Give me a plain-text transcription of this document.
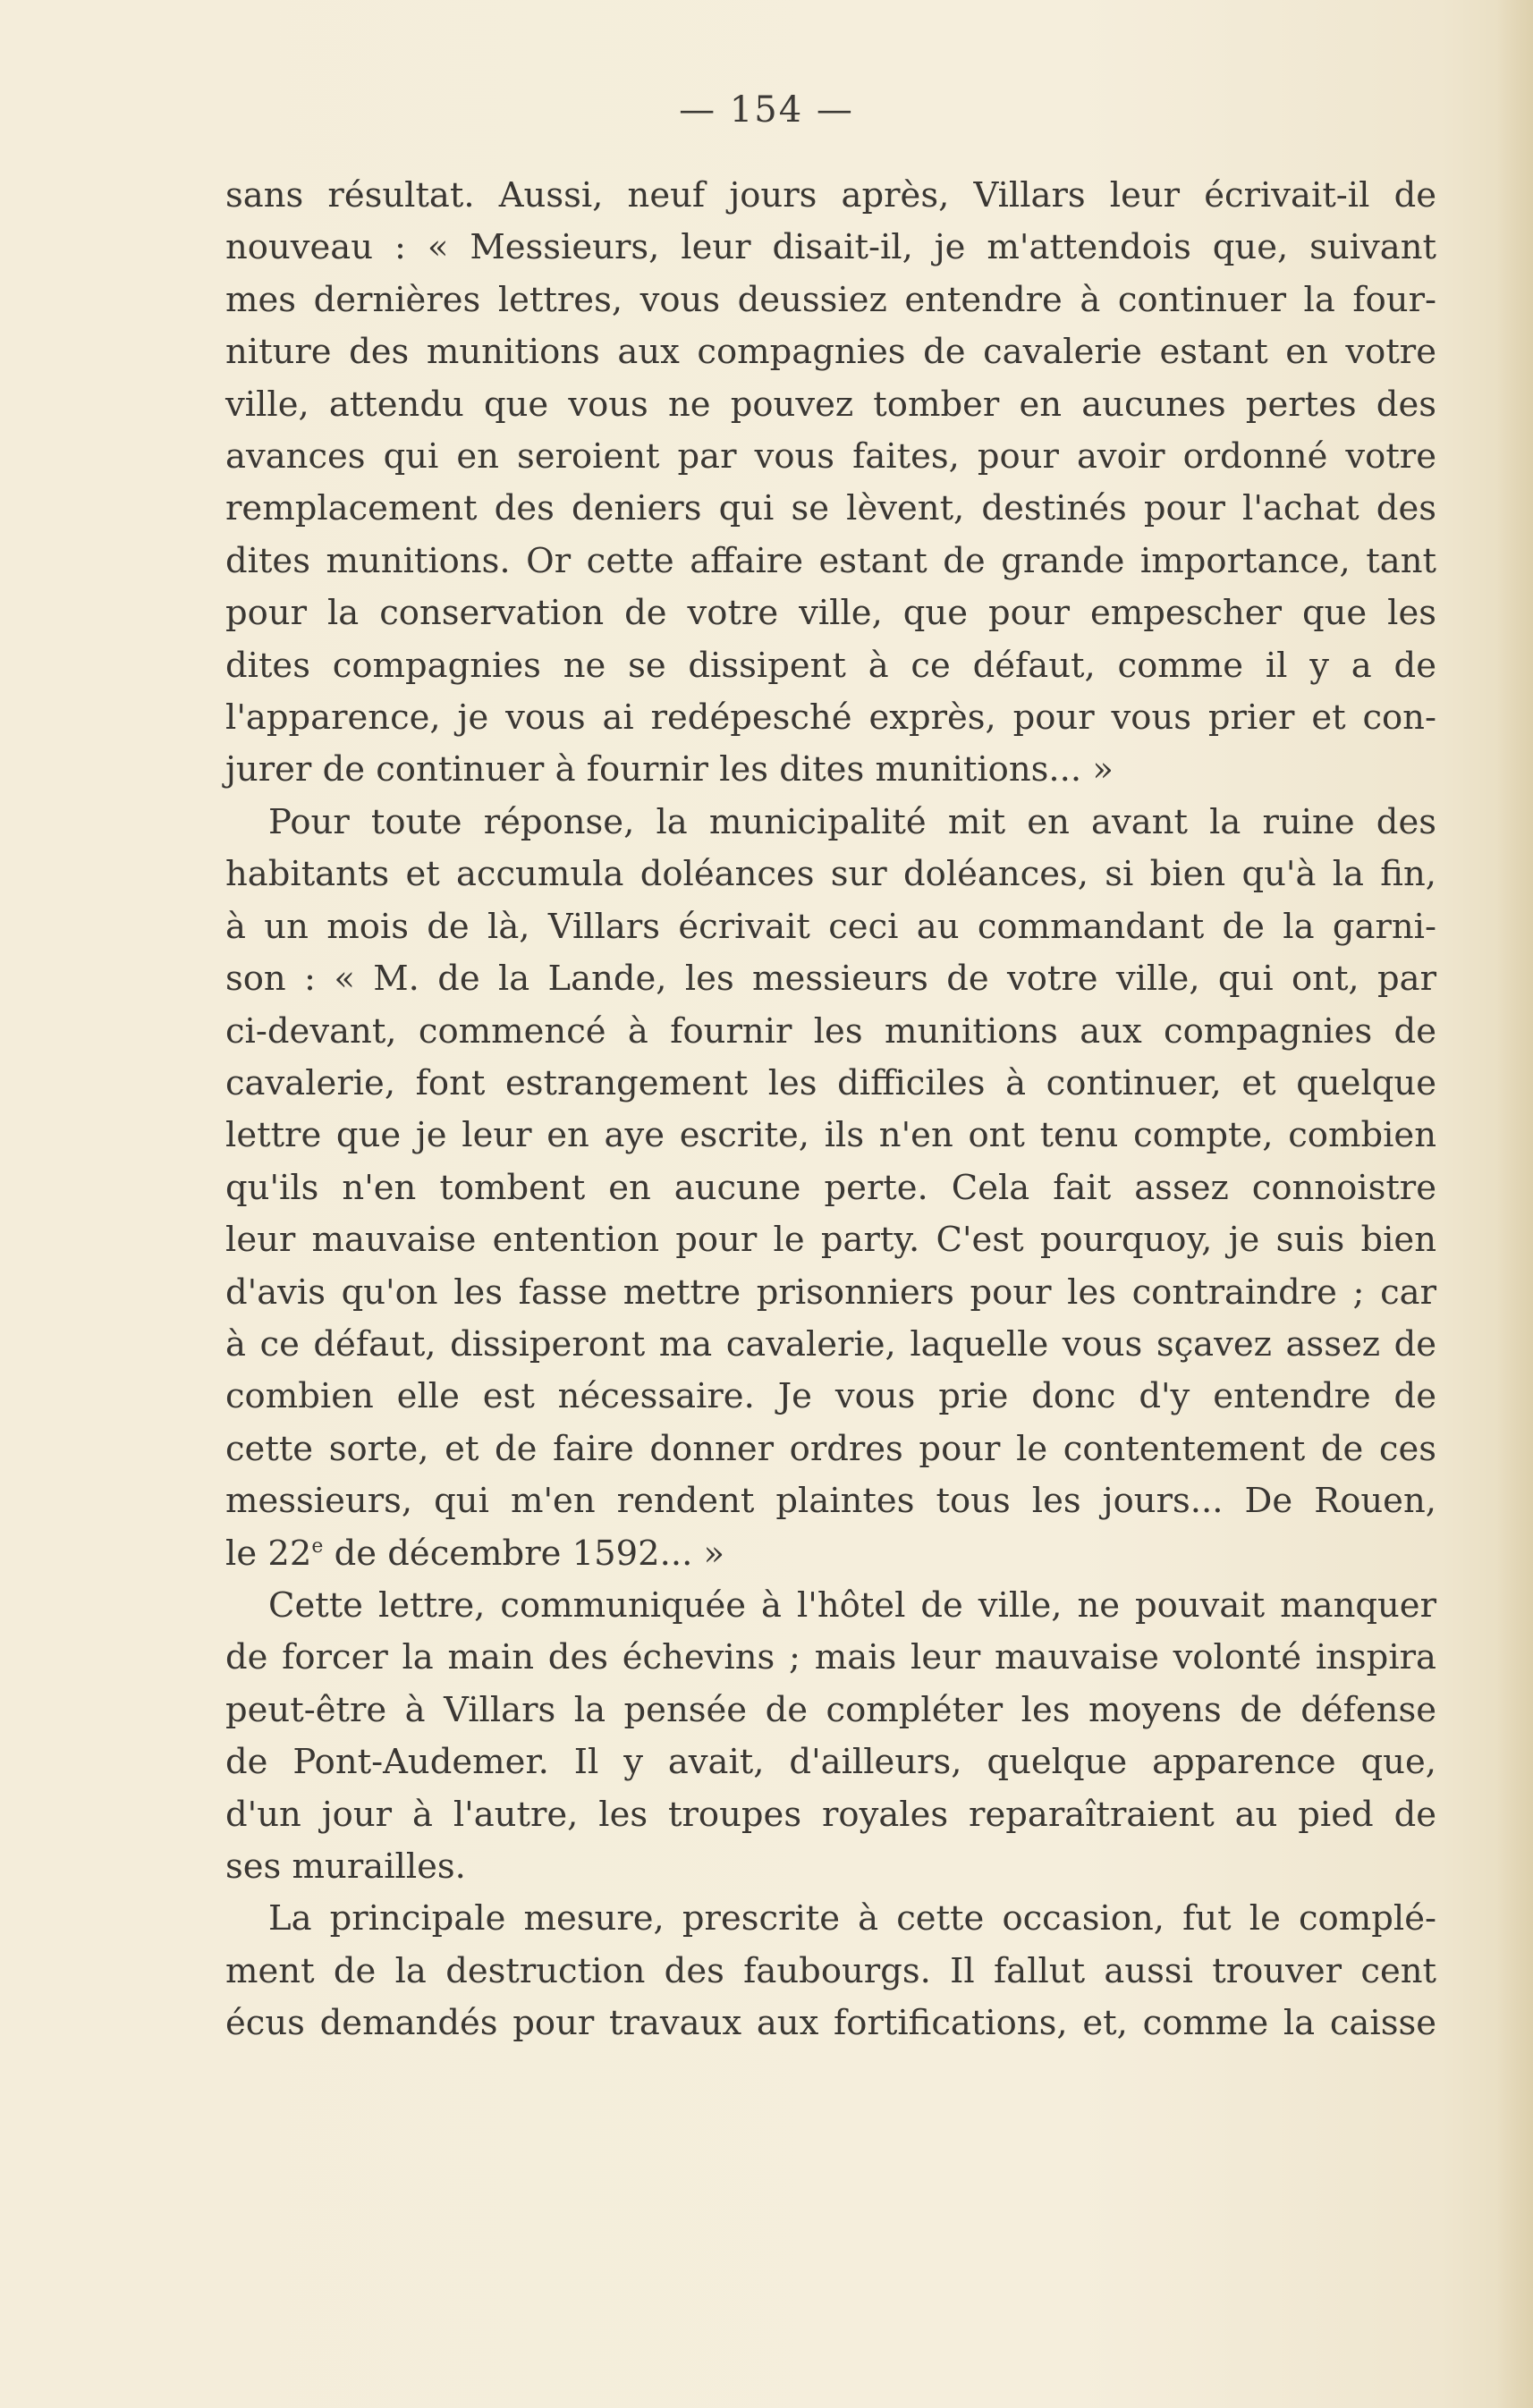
— 154 —

sans résultat. Aussi, neuf jours après, Villars leur écrivait-il de

nouveau : « Messieurs, leur disait-il, je m'attendois que, suivant

mes dernières lettres, vous deussiez entendre à continuer la four-

niture des munitions aux compagnies de cavalerie estant en votre

ville, attendu que vous ne pouvez tomber en aucunes pertes des

avances qui en seroient par vous faites, pour avoir ordonné votre

remplacement des deniers qui se lèvent, destinés pour l'achat des

dites munitions. Or cette affaire estant de grande importance, tant

pour la conservation de votre ville, que pour empescher que les

dites compagnies ne se dissipent à ce défaut, comme il y a de

l'apparence, je vous ai redépesché exprès, pour vous prier et con-

jurer de continuer à fournir les dites munitions... »

Pour toute réponse, la municipalité mit en avant la ruine des

habitants et accumula doléances sur doléances, si bien qu'à la fin,

à un mois de là, Villars écrivait ceci au commandant de la garni-

son : « M. de la Lande, les messieurs de votre ville, qui ont, par

ci-devant, commencé à fournir les munitions aux compagnies de

cavalerie, font estrangement les difficiles à continuer, et quelque

lettre que je leur en aye escrite, ils n'en ont tenu compte, combien

qu'ils n'en tombent en aucune perte. Cela fait assez connoistre

leur mauvaise entention pour le party. C'est pourquoy, je suis bien

d'avis qu'on les fasse mettre prisonniers pour les contraindre ; car

à ce défaut, dissiperont ma cavalerie, laquelle vous sçavez assez de

combien elle est nécessaire. Je vous prie donc d'y entendre de

cette sorte, et de faire donner ordres pour le contentement de ces

messieurs, qui m'en rendent plaintes tous les jours... De Rouen,

le 22e de décembre 1592... »

Cette lettre, communiquée à l'hôtel de ville, ne pouvait manquer

de forcer la main des échevins ; mais leur mauvaise volonté inspira

peut-être à Villars la pensée de compléter les moyens de défense

de Pont-Audemer. Il y avait, d'ailleurs, quelque apparence que,

d'un jour à l'autre, les troupes royales reparaîtraient au pied de

ses murailles.

La principale mesure, prescrite à cette occasion, fut le complé-

ment de la destruction des faubourgs. Il fallut aussi trouver cent

écus demandés pour travaux aux fortifications, et, comme la caisse
